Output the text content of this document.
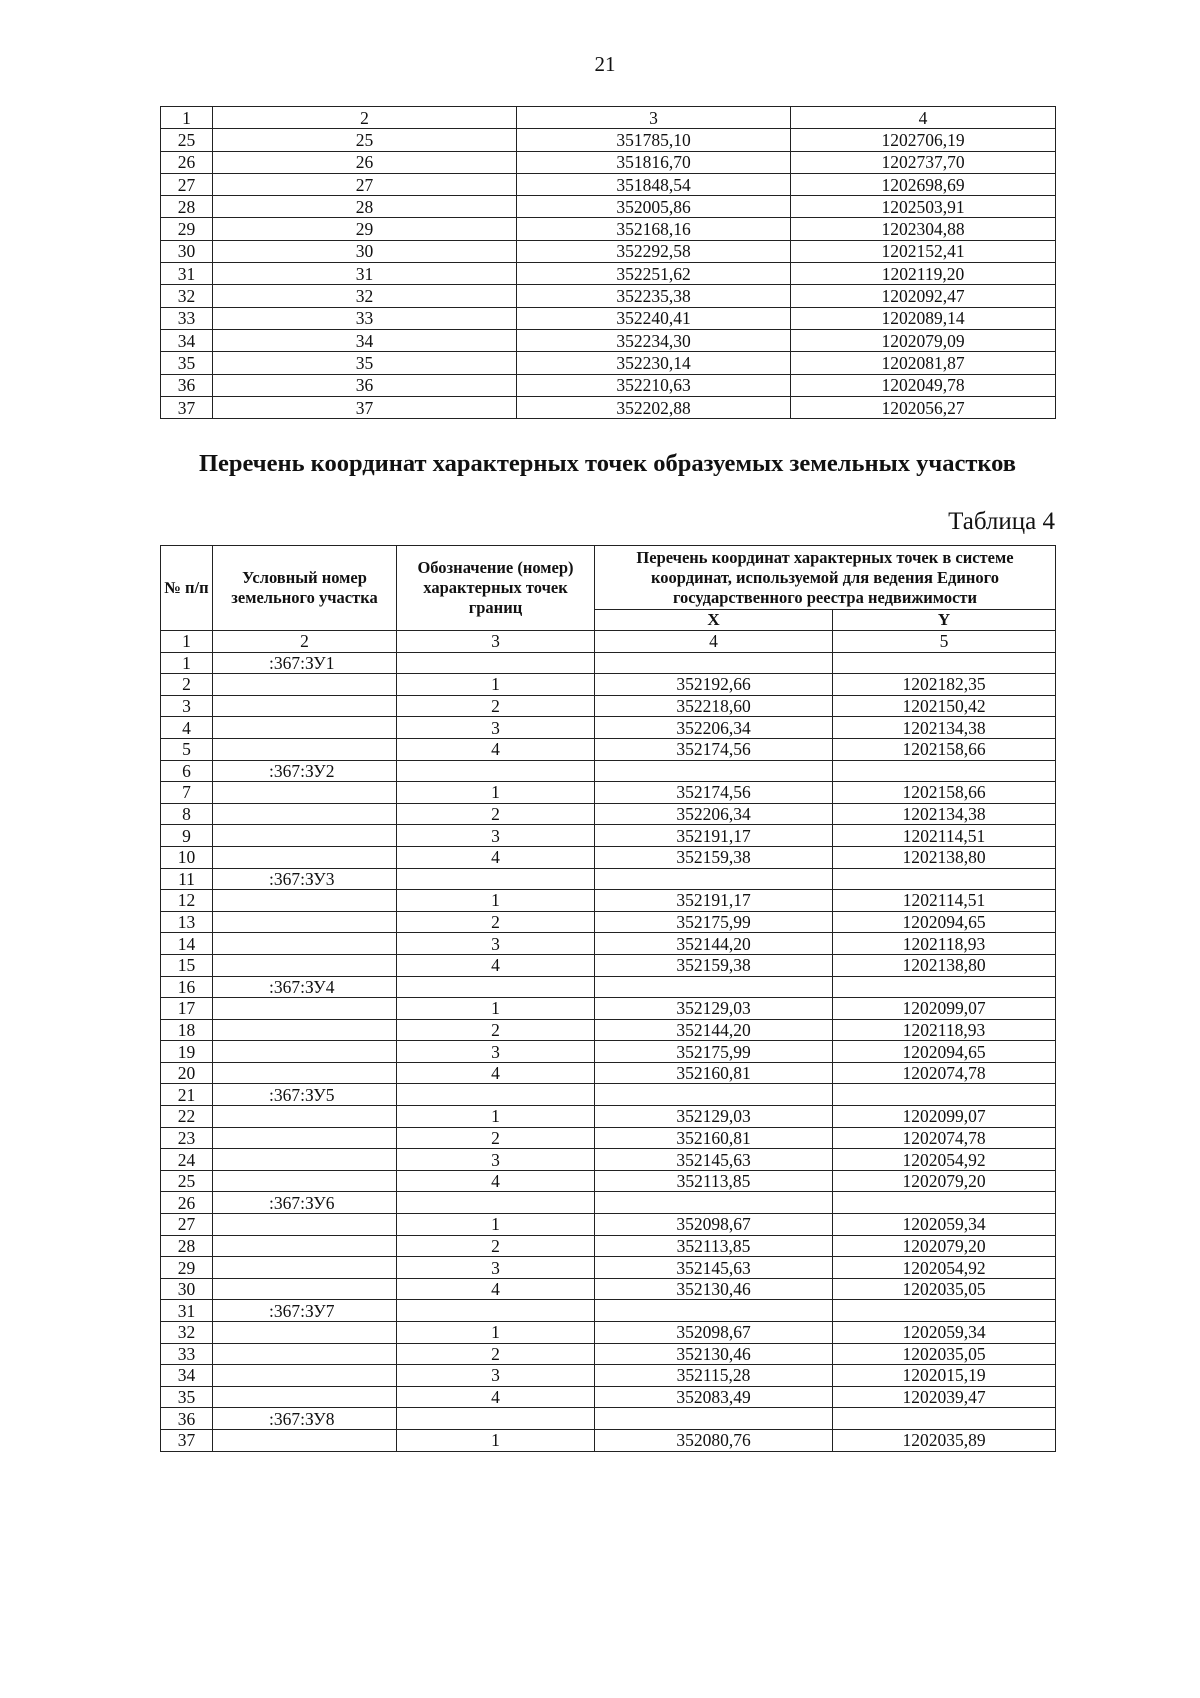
21
1	2	3	4
25	25	351785,10	1202706,19
26	26	351816,70	1202737,70
27	27	351848,54	1202698,69
28	28	352005,86	1202503,91
29	29	352168,16	1202304,88
30	30	352292,58	1202152,41
31	31	352251,62	1202119,20
32	32	352235,38	1202092,47
33	33	352240,41	1202089,14
34	34	352234,30	1202079,09
35	35	352230,14	1202081,87
36	36	352210,63	1202049,78
37	37	352202,88	1202056,27
Перечень координат характерных точек образуемых земельных участков
Таблица 4
№ п/п	Условный номер земельного участка	Обозначение (номер) характерных точек границ	Перечень координат характерных точек в системе координат, используемой для ведения Единого государственного реестра недвижимости	
			X	Y
1	2	3	4	5
1	:367:ЗУ1			
2		1	352192,66	1202182,35
3		2	352218,60	1202150,42
4		3	352206,34	1202134,38
5		4	352174,56	1202158,66
6	:367:ЗУ2			
7		1	352174,56	1202158,66
8		2	352206,34	1202134,38
9		3	352191,17	1202114,51
10		4	352159,38	1202138,80
11	:367:ЗУ3			
12		1	352191,17	1202114,51
13		2	352175,99	1202094,65
14		3	352144,20	1202118,93
15		4	352159,38	1202138,80
16	:367:ЗУ4			
17		1	352129,03	1202099,07
18		2	352144,20	1202118,93
19		3	352175,99	1202094,65
20		4	352160,81	1202074,78
21	:367:ЗУ5			
22		1	352129,03	1202099,07
23		2	352160,81	1202074,78
24		3	352145,63	1202054,92
25		4	352113,85	1202079,20
26	:367:ЗУ6			
27		1	352098,67	1202059,34
28		2	352113,85	1202079,20
29		3	352145,63	1202054,92
30		4	352130,46	1202035,05
31	:367:ЗУ7			
32		1	352098,67	1202059,34
33		2	352130,46	1202035,05
34		3	352115,28	1202015,19
35		4	352083,49	1202039,47
36	:367:ЗУ8			
37		1	352080,76	1202035,89
